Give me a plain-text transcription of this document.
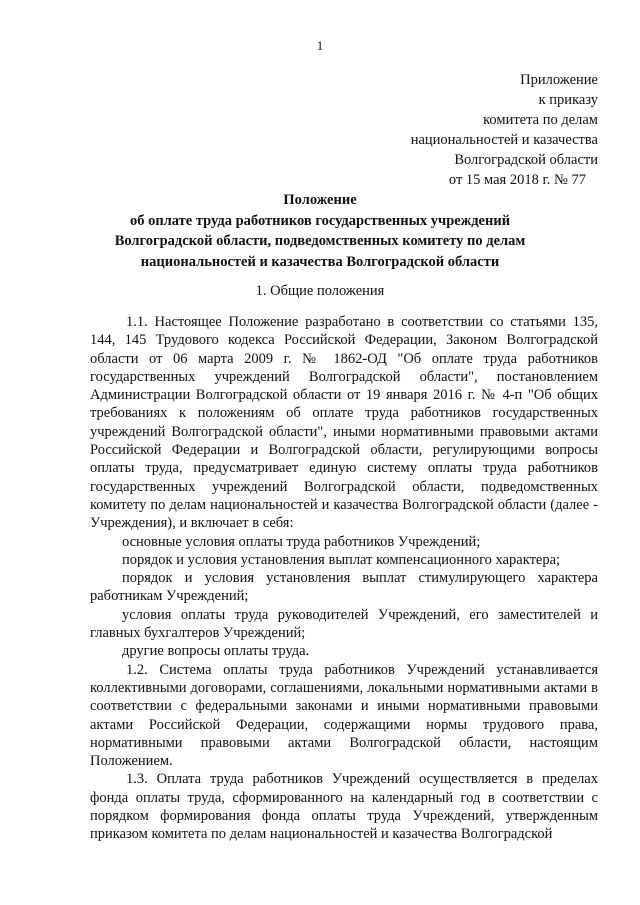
1
Приложение
к приказу
комитета по делам
национальностей и казачества
Волгоградской области
от 15 мая 2018 г. № 77
Положение
об оплате труда работников государственных учреждений
Волгоградской области, подведомственных комитету по делам
национальностей и казачества Волгоградской области
1. Общие положения

1.1. Настоящее Положение разработано в соответствии со статьями 135, 144, 145 Трудового кодекса Российской Федерации, Законом Волгоградской области от 06 марта 2009 г. № 1862-ОД "Об оплате труда работников государственных учреждений Волгоградской области", постановлением Администрации Волгоградской области от 19 января 2016 г. № 4-п "Об общих требованиях к положениям об оплате труда работников государственных учреждений Волгоградской области", иными нормативными правовыми актами Российской Федерации и Волгоградской области, регулирующими вопросы оплаты труда, предусматривает единую систему оплаты труда работников государственных учреждений Волгоградской области, подведомственных комитету по делам национальностей и казачества Волгоградской области (далее - Учреждения), и включает в себя:

основные условия оплаты труда работников Учреждений;

порядок и условия установления выплат компенсационного характера;

порядок и условия установления выплат стимулирующего характера работникам Учреждений;

условия оплаты труда руководителей Учреждений, его заместителей и главных бухгалтеров Учреждений;

другие вопросы оплаты труда.

1.2. Система оплаты труда работников Учреждений устанавливается коллективными договорами, соглашениями, локальными нормативными актами в соответствии с федеральными законами и иными нормативными правовыми актами Российской Федерации, содержащими нормы трудового права, нормативными правовыми актами Волгоградской области, настоящим Положением.

1.3. Оплата труда работников Учреждений осуществляется в пределах фонда оплаты труда, сформированного на календарный год в соответствии с порядком формирования фонда оплаты труда Учреждений, утвержденным приказом комитета по делам национальностей и казачества Волгоградской
